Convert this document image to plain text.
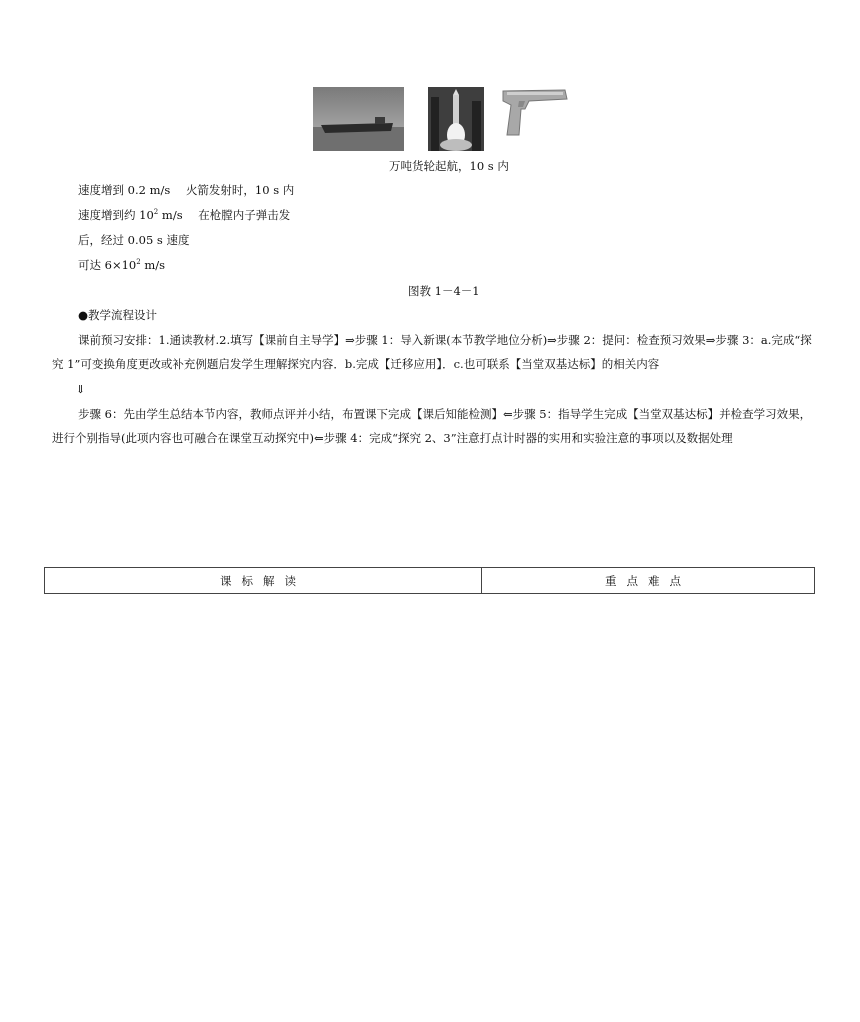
万吨货轮起航，10 s 内
速度增到 0.2 m/s 火箭发射时，10 s 内
速度增到约 $10^2$ m/s 在枪膛内子弹击发
后，经过 0.05 s 速度
可达 $6\times 10^2$ m/s
图教 1－4－1
●教学流程设计
课前预习安排：1.通读教材.2.填写【课前自主导学】⇒步骤 1：导入新课(本节教学地位分析)⇒步骤 2：提问：检查预习效果⇒步骤 3：a.完成“探究 1”可变换角度更改或补充例题启发学生理解探究内容．b.完成【迁移应用】．c.也可联系【当堂双基达标】的相关内容
⇓
步骤 6：先由学生总结本节内容，教师点评并小结，布置课下完成【课后知能检测】⇐步骤 5：指导学生完成【当堂双基达标】并检查学习效果，进行个别指导(此项内容也可融合在课堂互动探究中)⇐步骤 4：完成“探究 2、3”注意打点计时器的实用和实验注意的事项以及数据处理
课标解读	重点难点
